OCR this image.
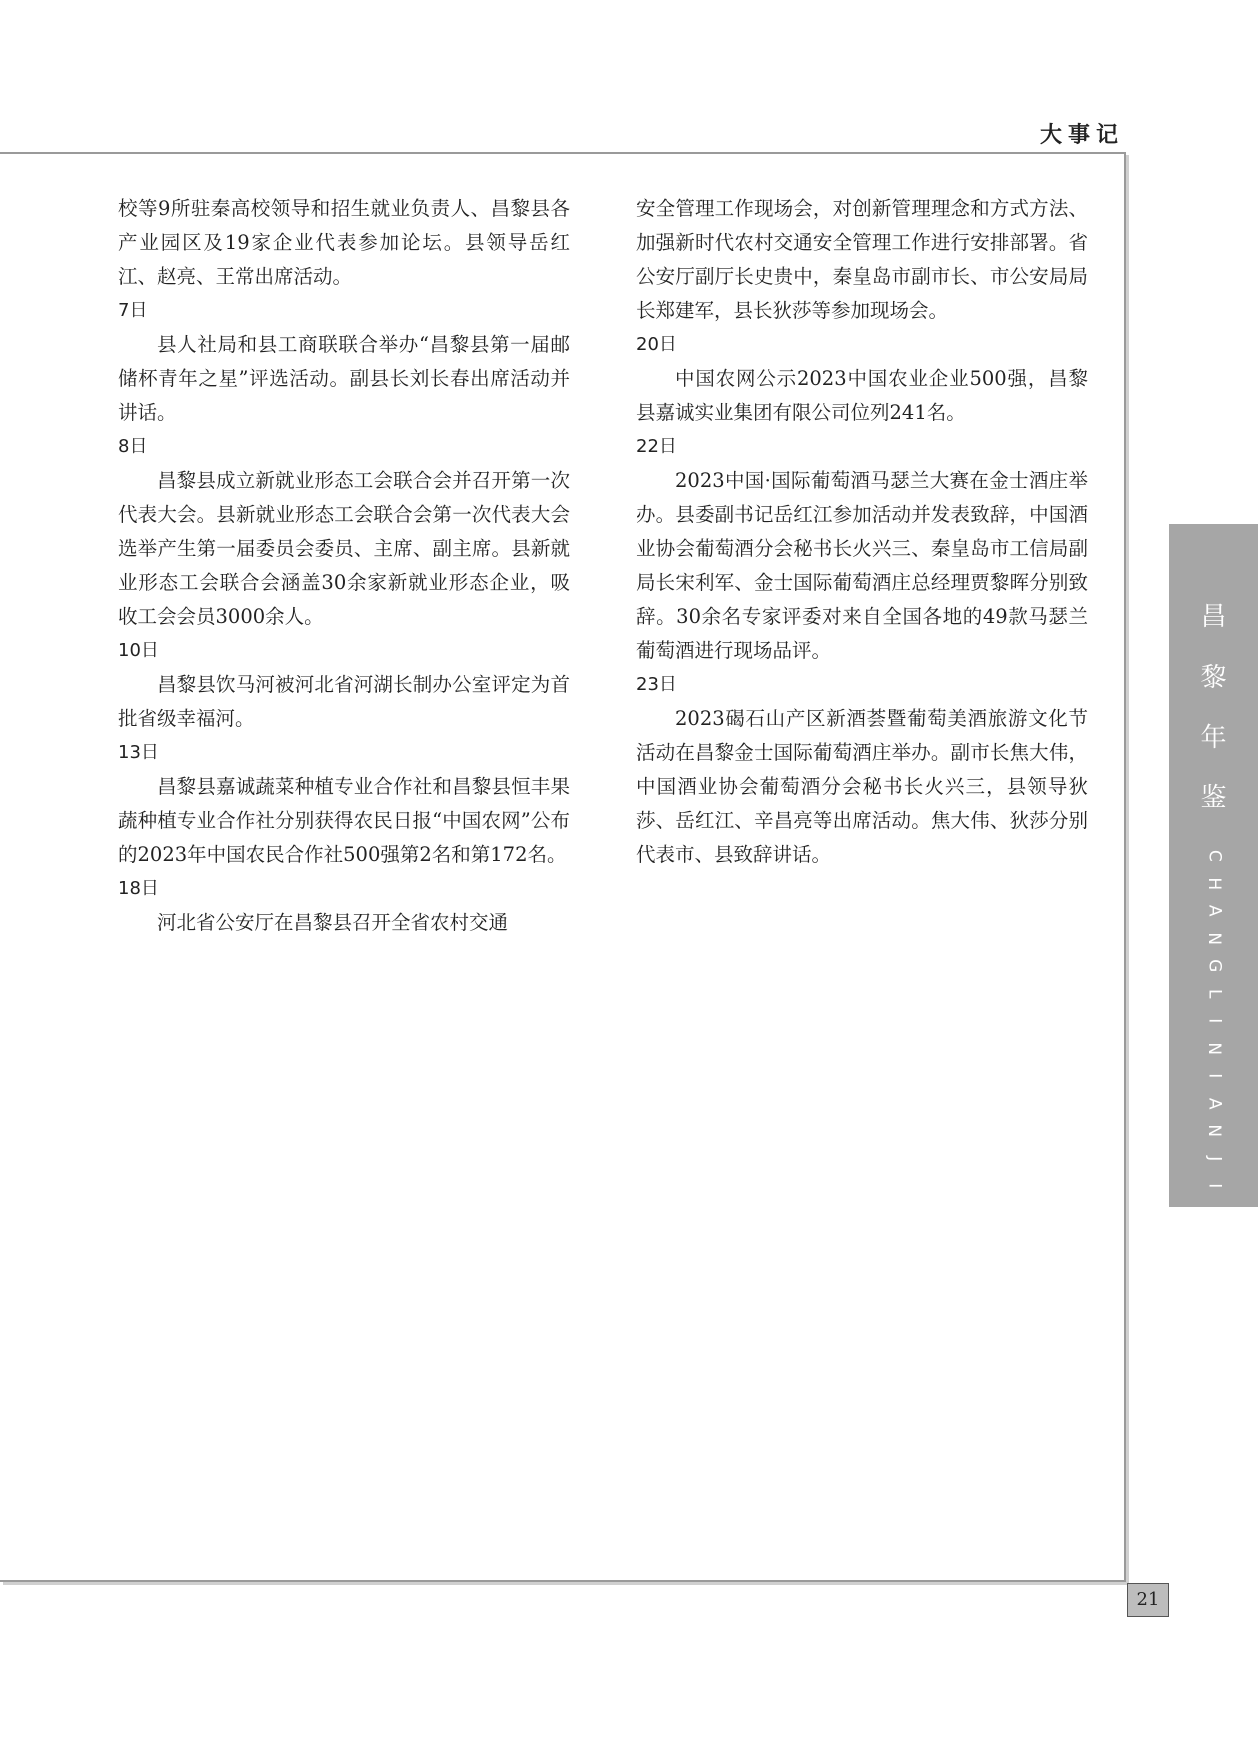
大事记

校等9所驻秦高校领导和招生就业负责人、昌黎县各产业园区及19家企业代表参加论坛。县领导岳红江、赵亮、王常出席活动。

7日

县人社局和县工商联联合举办“昌黎县第一届邮储杯青年之星”评选活动。副县长刘长春出席活动并讲话。

8日

昌黎县成立新就业形态工会联合会并召开第一次代表大会。县新就业形态工会联合会第一次代表大会选举产生第一届委员会委员、主席、副主席。县新就业形态工会联合会涵盖30余家新就业形态企业，吸收工会会员3000余人。

10日

昌黎县饮马河被河北省河湖长制办公室评定为首批省级幸福河。

13日

昌黎县嘉诚蔬菜种植专业合作社和昌黎县恒丰果蔬种植专业合作社分别获得农民日报“中国农网”公布的2023年中国农民合作社500强第2名和第172名。

18日

河北省公安厅在昌黎县召开全省农村交通

安全管理工作现场会，对创新管理理念和方式方法、加强新时代农村交通安全管理工作进行安排部署。省公安厅副厅长史贵中，秦皇岛市副市长、市公安局局长郑建军，县长狄莎等参加现场会。

20日

中国农网公示2023中国农业企业500强，昌黎县嘉诚实业集团有限公司位列241名。

22日

2023中国·国际葡萄酒马瑟兰大赛在金士酒庄举办。县委副书记岳红江参加活动并发表致辞，中国酒业协会葡萄酒分会秘书长火兴三、秦皇岛市工信局副局长宋利军、金士国际葡萄酒庄总经理贾黎晖分别致辞。30余名专家评委对来自全国各地的49款马瑟兰葡萄酒进行现场品评。

23日

2023碣石山产区新酒荟暨葡萄美酒旅游文化节活动在昌黎金士国际葡萄酒庄举办。副市长焦大伟，中国酒业协会葡萄酒分会秘书长火兴三，县领导狄莎、岳红江、辛昌亮等出席活动。焦大伟、狄莎分别代表市、县致辞讲话。

昌
黎
年
鉴
C
H
A
N
G
L
I
N
I
A
N
J
I
A
N
21
